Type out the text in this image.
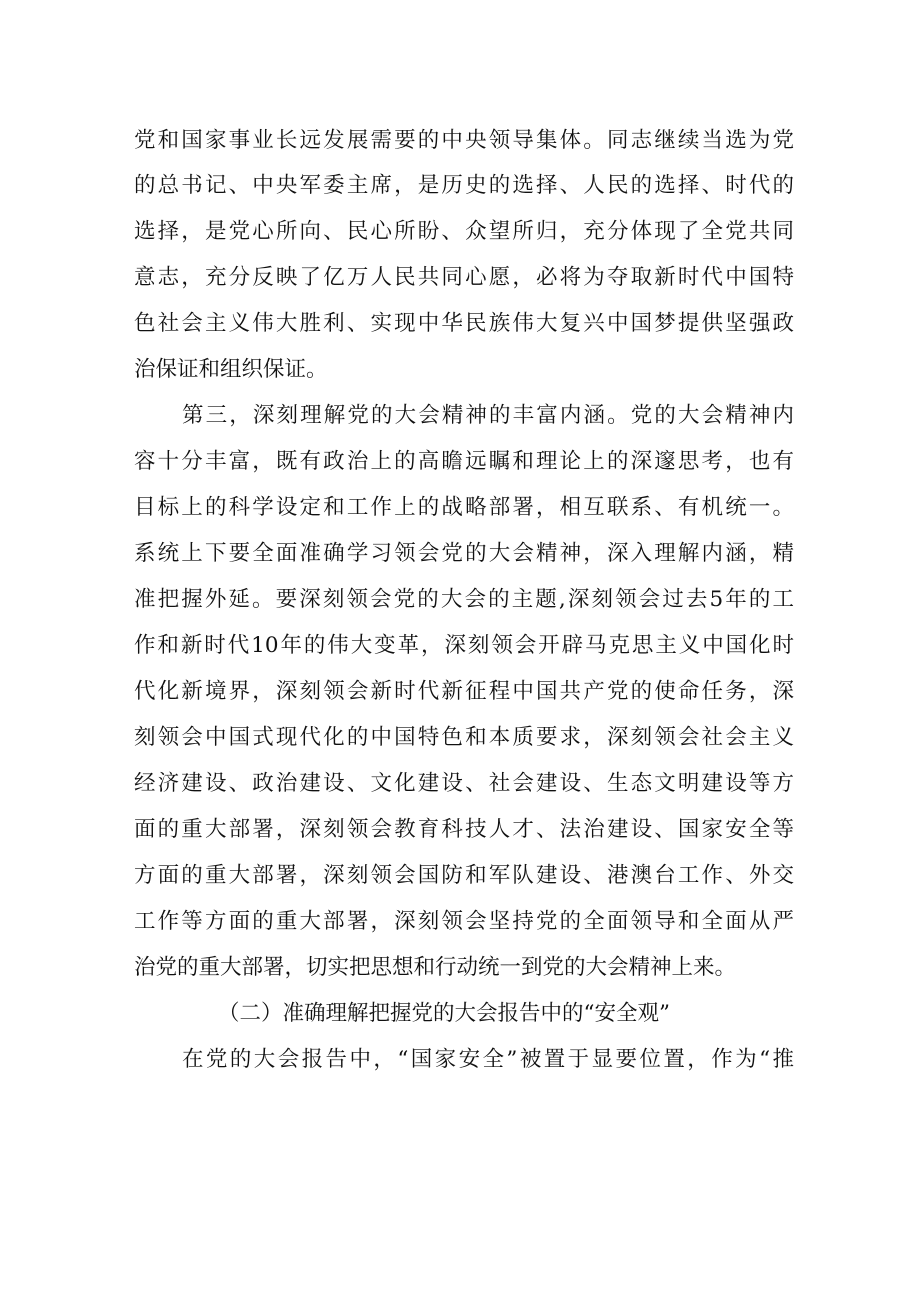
党和国家事业长远发展需要的中央领导集体。同志继续当选为党
的总书记、中央军委主席，是历史的选择、人民的选择、时代的
选择，是党心所向、民心所盼、众望所归，充分体现了全党共同
意志，充分反映了亿万人民共同心愿，必将为夺取新时代中国特
色社会主义伟大胜利、实现中华民族伟大复兴中国梦提供坚强政
治保证和组织保证。
第三，深刻理解党的大会精神的丰富内涵。党的大会精神内
容十分丰富，既有政治上的高瞻远瞩和理论上的深邃思考，也有
目标上的科学设定和工作上的战略部署，相互联系、有机统一。
系统上下要全面准确学习领会党的大会精神，深入理解内涵，精
准把握外延。要深刻领会党的大会的主题,深刻领会过去5年的工
作和新时代10年的伟大变革，深刻领会开辟马克思主义中国化时
代化新境界，深刻领会新时代新征程中国共产党的使命任务，深
刻领会中国式现代化的中国特色和本质要求，深刻领会社会主义
经济建设、政治建设、文化建设、社会建设、生态文明建设等方
面的重大部署，深刻领会教育科技人才、法治建设、国家安全等
方面的重大部署，深刻领会国防和军队建设、港澳台工作、外交
工作等方面的重大部署，深刻领会坚持党的全面领导和全面从严
治党的重大部署，切实把思想和行动统一到党的大会精神上来。
（二）准确理解把握党的大会报告中的“安全观”
在党的大会报告中，“国家安全”被置于显要位置，作为“推
